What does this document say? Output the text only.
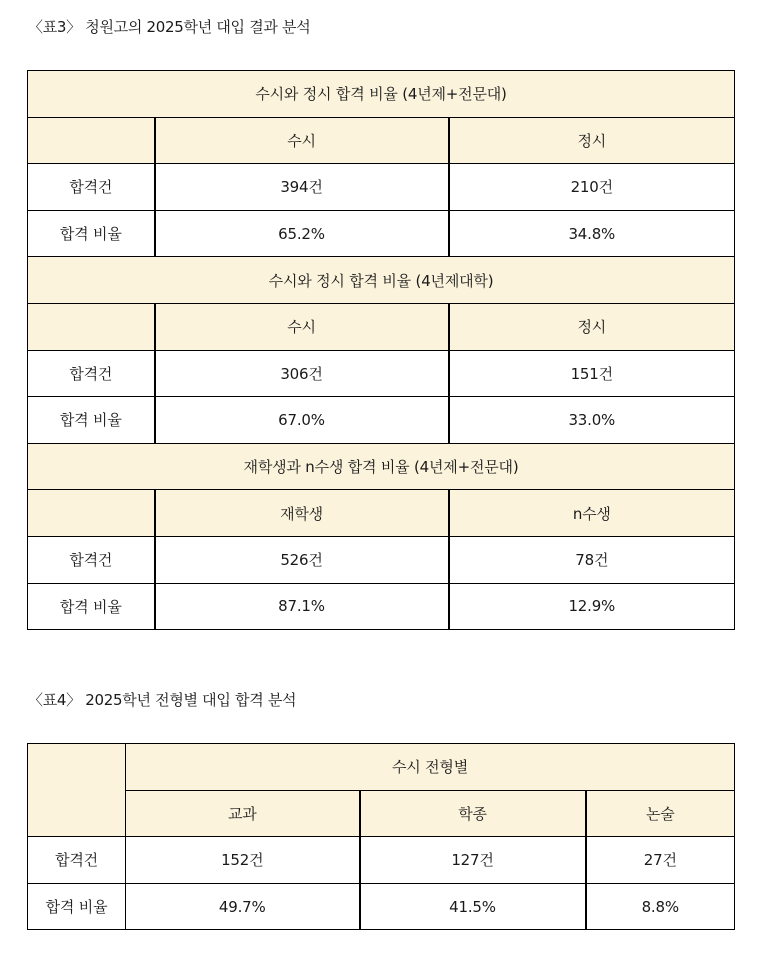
〈표3〉 청원고의 2025학년 대입 결과 분석
수시와 정시 합격 비율 (4년제+전문대)		
	수시	정시
합격건	394건	210건
합격 비율	65.2%	34.8%
수시와 정시 합격 비율 (4년제대학)		
	수시	정시
합격건	306건	151건
합격 비율	67.0%	33.0%
재학생과 n수생 합격 비율 (4년제+전문대)		
	재학생	n수생
합격건	526건	78건
합격 비율	87.1%	12.9%
〈표4〉 2025학년 전형별 대입 합격 분석
	수시 전형별		
	교과	학종	논술
합격건	152건	127건	27건
합격 비율	49.7%	41.5%	8.8%
